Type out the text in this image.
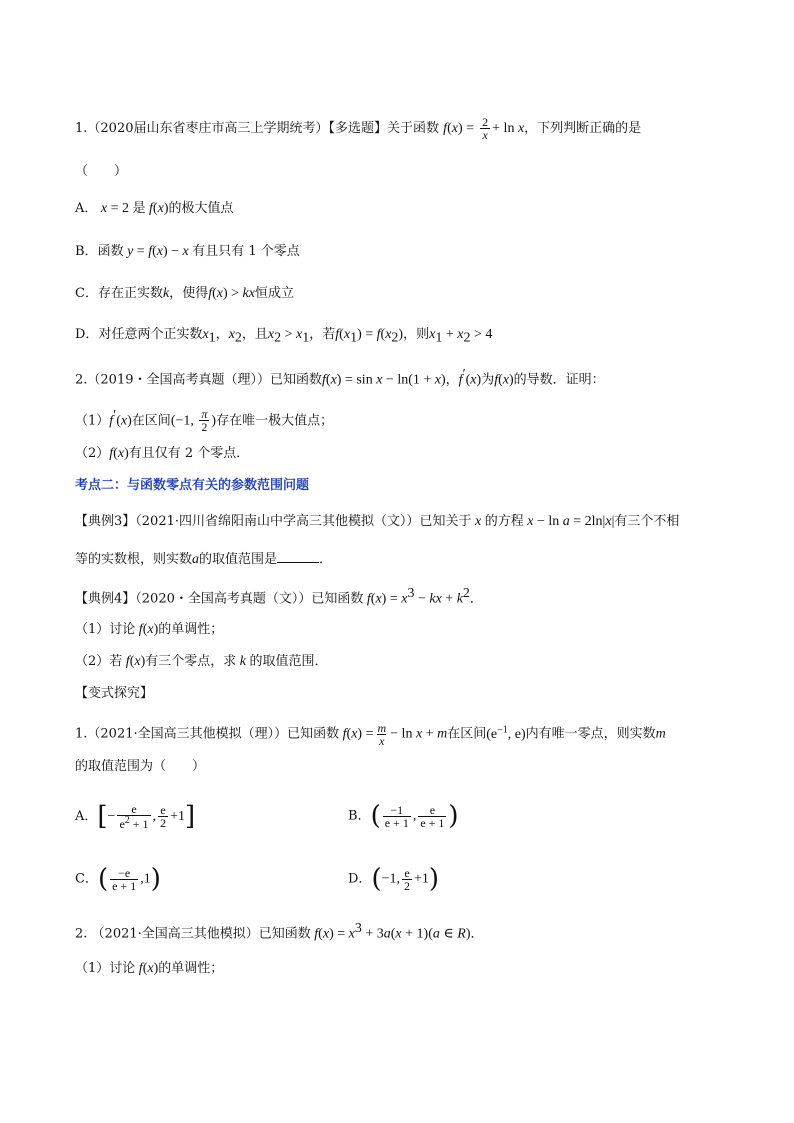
1.（2020届山东省枣庄市高三上学期统考）【多选题】关于函数 $f(x) = \frac{2}{x} + \ln x$，下列判断正确的是
（　　）
A． x = 2 是 f(x)的极大值点
B．函数 y = f(x) − x 有且只有 1 个零点
C．存在正实数k，使得f(x) > kx恒成立
D．对任意两个正实数$x_1$，$x_2$，且$x_2 > x_1$，若$f(x_1) = f(x_2)$，则$x_1 + x_2 > 4$
2.（2019・全国高考真题（理））已知函数f(x) = sin x − ln(1 + x)，f′(x)为f(x)的导数．证明：
（1）f′(x)在区间(−1, $\frac{\pi}{2}$ )存在唯一极大值点；
（2）f(x)有且仅有 2 个零点．
考点二：与函数零点有关的参数范围问题
【典例3】（2021·四川省绵阳南山中学高三其他模拟（文））已知关于 x 的方程 x − ln a = 2ln|x|有三个不相
等的实数根，则实数a的取值范围是	．
【典例4】（2020・全国高考真题（文））已知函数 $f(x) = x^3$ − kx + $k^2$．
（1）讨论 f(x)的单调性；
（2）若 f(x)有三个零点，求 k 的取值范围．
【变式探究】
1.（2021·全国高三其他模拟（理））已知函数 $f(x) = \frac{m}{x} - \ln x + m$在区间($e^{-1}$, e)内有唯一零点，则实数m
的取值范围为（　　）
A．[− $\frac{e}{e^2 + 1}$ , $\frac{e}{2} +1$]	B．( $\frac{-1}{e + 1}$ , $\frac{e}{e + 1}$ )
C．( $\frac{-e}{e + 1} ,1$)	D．(−1, $\frac{e}{2} +1$)
2. （2021·全国高三其他模拟）已知函数 $f(x) = x^3 + 3a(x + 1)(a$ ∈ R)．
（1）讨论 f(x)的单调性；
